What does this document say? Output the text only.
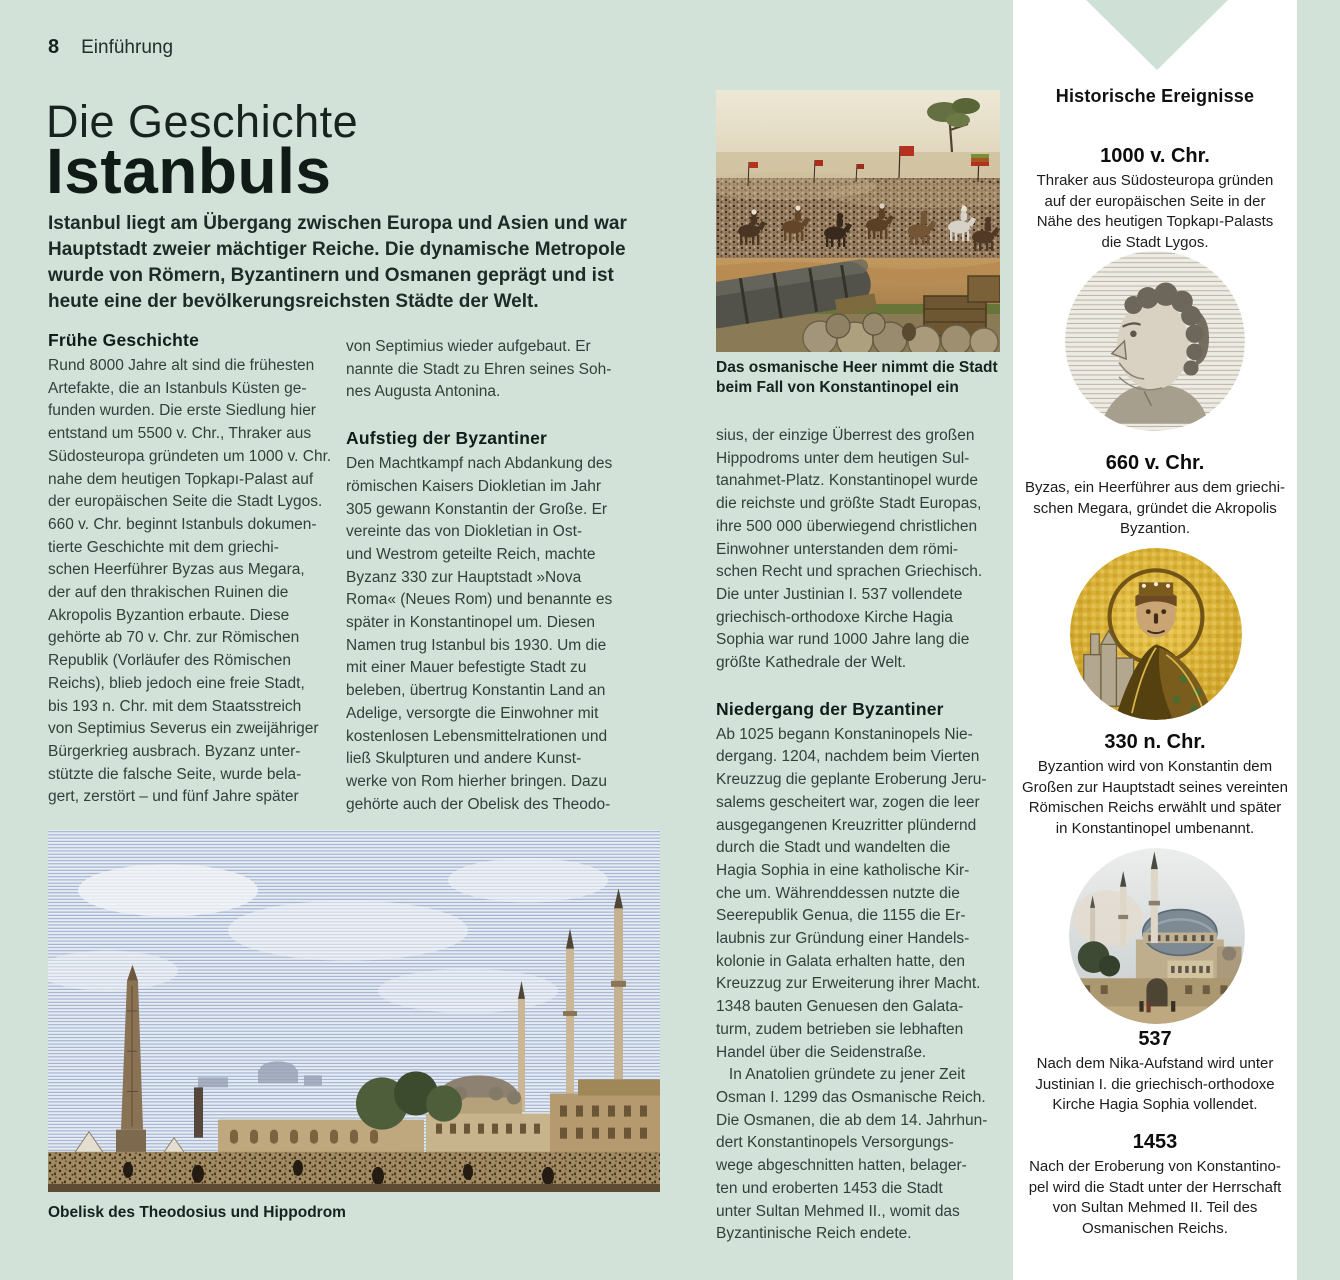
8 Einführung
Die Geschichte
Istanbuls
Istanbul liegt am Übergang zwischen Europa und Asien und war
Hauptstadt zweier mächtiger Reiche. Die dynamische Metropole
wurde von Römern, Byzantinern und Osmanen geprägt und ist
heute eine der bevölkerungsreichsten Städte der Welt.
Frühe Geschichte

Rund 8000 Jahre alt sind die frühesten
Artefakte, die an Istanbuls Küsten ge-
funden wurden. Die erste Siedlung hier
entstand um 5500 v. Chr., Thraker aus
Südosteuropa gründeten um 1000 v. Chr.
nahe dem heutigen Topkapı-Palast auf
der europäischen Seite die Stadt Lygos.
660 v. Chr. beginnt Istanbuls dokumen-
tierte Geschichte mit dem griechi-
schen Heerführer Byzas aus Megara,
der auf den thrakischen Ruinen die
Akropolis Byzantion erbaute. Diese
gehörte ab 70 v. Chr. zur Römischen
Republik (Vorläufer des Römischen
Reichs), blieb jedoch eine freie Stadt,
bis 193 n. Chr. mit dem Staatsstreich
von Septimius Severus ein zweijähriger
Bürgerkrieg ausbrach. Byzanz unter-
stützte die falsche Seite, wurde bela-
gert, zerstört – und fünf Jahre später

von Septimius wieder aufgebaut. Er
nannte die Stadt zu Ehren seines Soh-
nes Augusta Antonina.

Aufstieg der Byzantiner

Den Machtkampf nach Abdankung des
römischen Kaisers Diokletian im Jahr
305 gewann Konstantin der Große. Er
vereinte das von Diokletian in Ost-
und Westrom geteilte Reich, machte
Byzanz 330 zur Hauptstadt »Nova
Roma« (Neues Rom) und benannte es
später in Konstantinopel um. Diesen
Namen trug Istanbul bis 1930. Um die
mit einer Mauer befestigte Stadt zu
beleben, übertrug Konstantin Land an
Adelige, versorgte die Einwohner mit
kostenlosen Lebensmittelrationen und
ließ Skulpturen und andere Kunst-
werke von Rom hierher bringen. Dazu
gehörte auch der Obelisk des Theodo-

Das osmanische Heer nimmt die Stadt
beim Fall von Konstantinopel ein

sius, der einzige Überrest des großen
Hippodroms unter dem heutigen Sul-
tanahmet-Platz. Konstantinopel wurde
die reichste und größte Stadt Europas,
ihre 500 000 überwiegend christlichen
Einwohner unterstanden dem römi-
schen Recht und sprachen Griechisch.
Die unter Justinian I. 537 vollendete
griechisch-orthodoxe Kirche Hagia
Sophia war rund 1000 Jahre lang die
größte Kathedrale der Welt.

Niedergang der Byzantiner

Ab 1025 begann Konstaninopels Nie-
dergang. 1204, nachdem beim Vierten
Kreuzzug die geplante Eroberung Jeru-
salems gescheitert war, zogen die leer
ausgegangenen Kreuzritter plündernd
durch die Stadt und wandelten die
Hagia Sophia in eine katholische Kir-
che um. Währenddessen nutzte die
Seerepublik Genua, die 1155 die Er-
laubnis zur Gründung einer Handels-
kolonie in Galata erhalten hatte, den
Kreuzzug zur Erweiterung ihrer Macht.
1348 bauten Genuesen den Galata-
turm, zudem betrieben sie lebhaften
Handel über die Seidenstraße.
In Anatolien gründete zu jener Zeit
Osman I. 1299 das Osmanische Reich.
Die Osmanen, die ab dem 14. Jahrhun-
dert Konstantinopels Versorgungs-
wege abgeschnitten hatten, belager-
ten und eroberten 1453 die Stadt
unter Sultan Mehmed II., womit das
Byzantinische Reich endete.

Obelisk des Theodosius und Hippodrom
Historische Ereignisse
1000 v. Chr.
Thraker aus Südosteuropa gründen
auf der europäischen Seite in der
Nähe des heutigen Topkapı-Palasts
die Stadt Lygos.
660 v. Chr.
Byzas, ein Heerführer aus dem griechi-
schen Megara, gründet die Akropolis
Byzantion.
330 n. Chr.
Byzantion wird von Konstantin dem
Großen zur Hauptstadt seines vereinten
Römischen Reichs erwählt und später
in Konstantinopel umbenannt.
537
Nach dem Nika-Aufstand wird unter
Justinian I. die griechisch-orthodoxe
Kirche Hagia Sophia vollendet.
1453
Nach der Eroberung von Konstantino-
pel wird die Stadt unter der Herrschaft
von Sultan Mehmed II. Teil des
Osmanischen Reichs.
